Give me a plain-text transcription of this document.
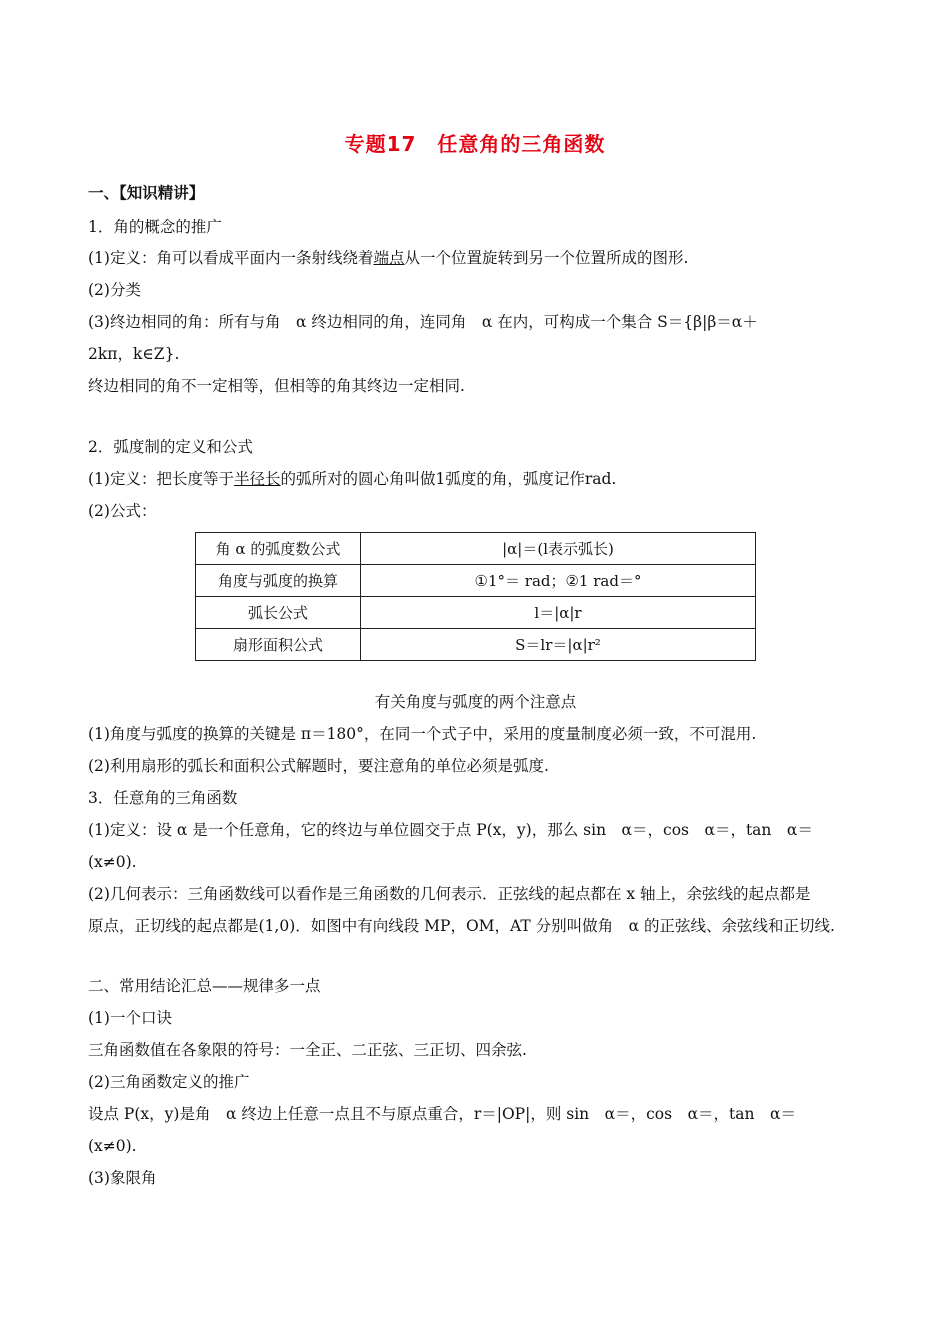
专题17　任意角的三角函数
一、【知识精讲】
1．角的概念的推广
(1)定义：角可以看成平面内一条射线绕着端点从一个位置旋转到另一个位置所成的图形.
(2)分类
(3)终边相同的角：所有与角　α 终边相同的角，连同角　α 在内，可构成一个集合 S＝{β|β＝α＋
2kπ，k∈Z}.
终边相同的角不一定相等，但相等的角其终边一定相同.
2．弧度制的定义和公式
(1)定义：把长度等于半径长的弧所对的圆心角叫做1弧度的角，弧度记作rad.
(2)公式：
角 α 的弧度数公式	|α|＝(l表示弧长)
角度与弧度的换算	①1°＝ rad；②1 rad＝°
弧长公式	l＝|α|r
扇形面积公式	S＝lr＝|α|r²
有关角度与弧度的两个注意点
(1)角度与弧度的换算的关键是 π＝180°，在同一个式子中，采用的度量制度必须一致，不可混用.
(2)利用扇形的弧长和面积公式解题时，要注意角的单位必须是弧度.
3．任意角的三角函数
(1)定义：设 α 是一个任意角，它的终边与单位圆交于点 P(x，y)，那么 sin　α＝，cos　α＝，tan　α＝
(x≠0).
(2)几何表示：三角函数线可以看作是三角函数的几何表示．正弦线的起点都在 x 轴上，余弦线的起点都是
原点，正切线的起点都是(1,0)．如图中有向线段 MP，OM，AT 分别叫做角　α 的正弦线、余弦线和正切线.
二、常用结论汇总——规律多一点
(1)一个口诀
三角函数值在各象限的符号：一全正、二正弦、三正切、四余弦.
(2)三角函数定义的推广
设点 P(x，y)是角　α 终边上任意一点且不与原点重合，r＝|OP|，则 sin　α＝，cos　α＝，tan　α＝
(x≠0).
(3)象限角
